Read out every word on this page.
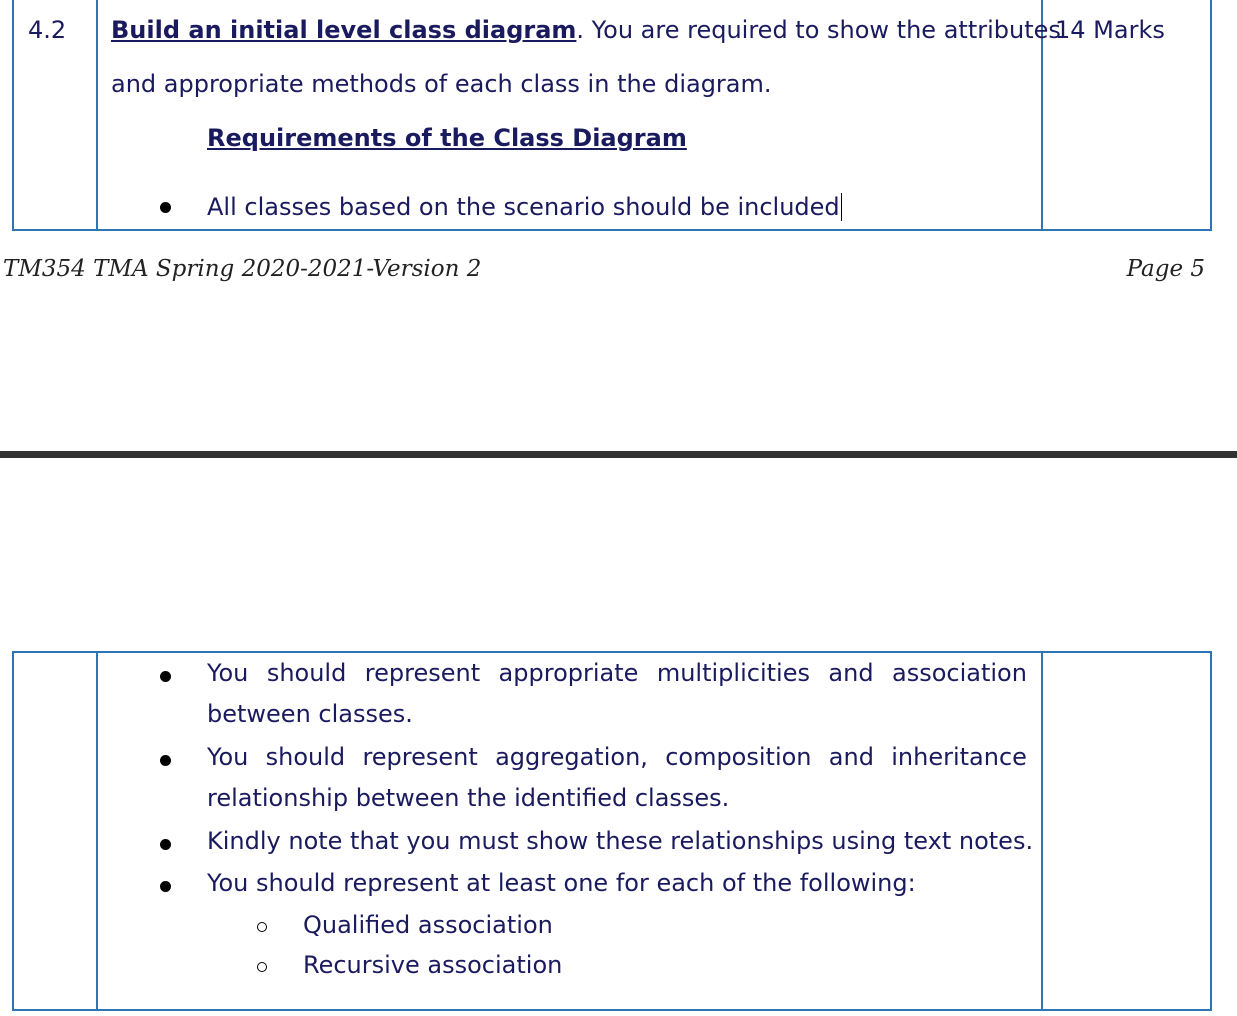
4.2 Build an initial level class diagram . You are required to show the attributes
and appropriate methods of each class in the diagram.
Requirements of the Class Diagram
All classes based on the scenario should be included
14 Marks
TM354 TMA Spring 2020-2021-Version 2	Page 5
You should represent appropriate multiplicities and association
between classes.
You should represent aggregation, composition and inheritance
relationship between the identified classes.
Kindly note that you must show these relationships using text notes.
You should represent at least one for each of the following:
Qualified association
Recursive association
